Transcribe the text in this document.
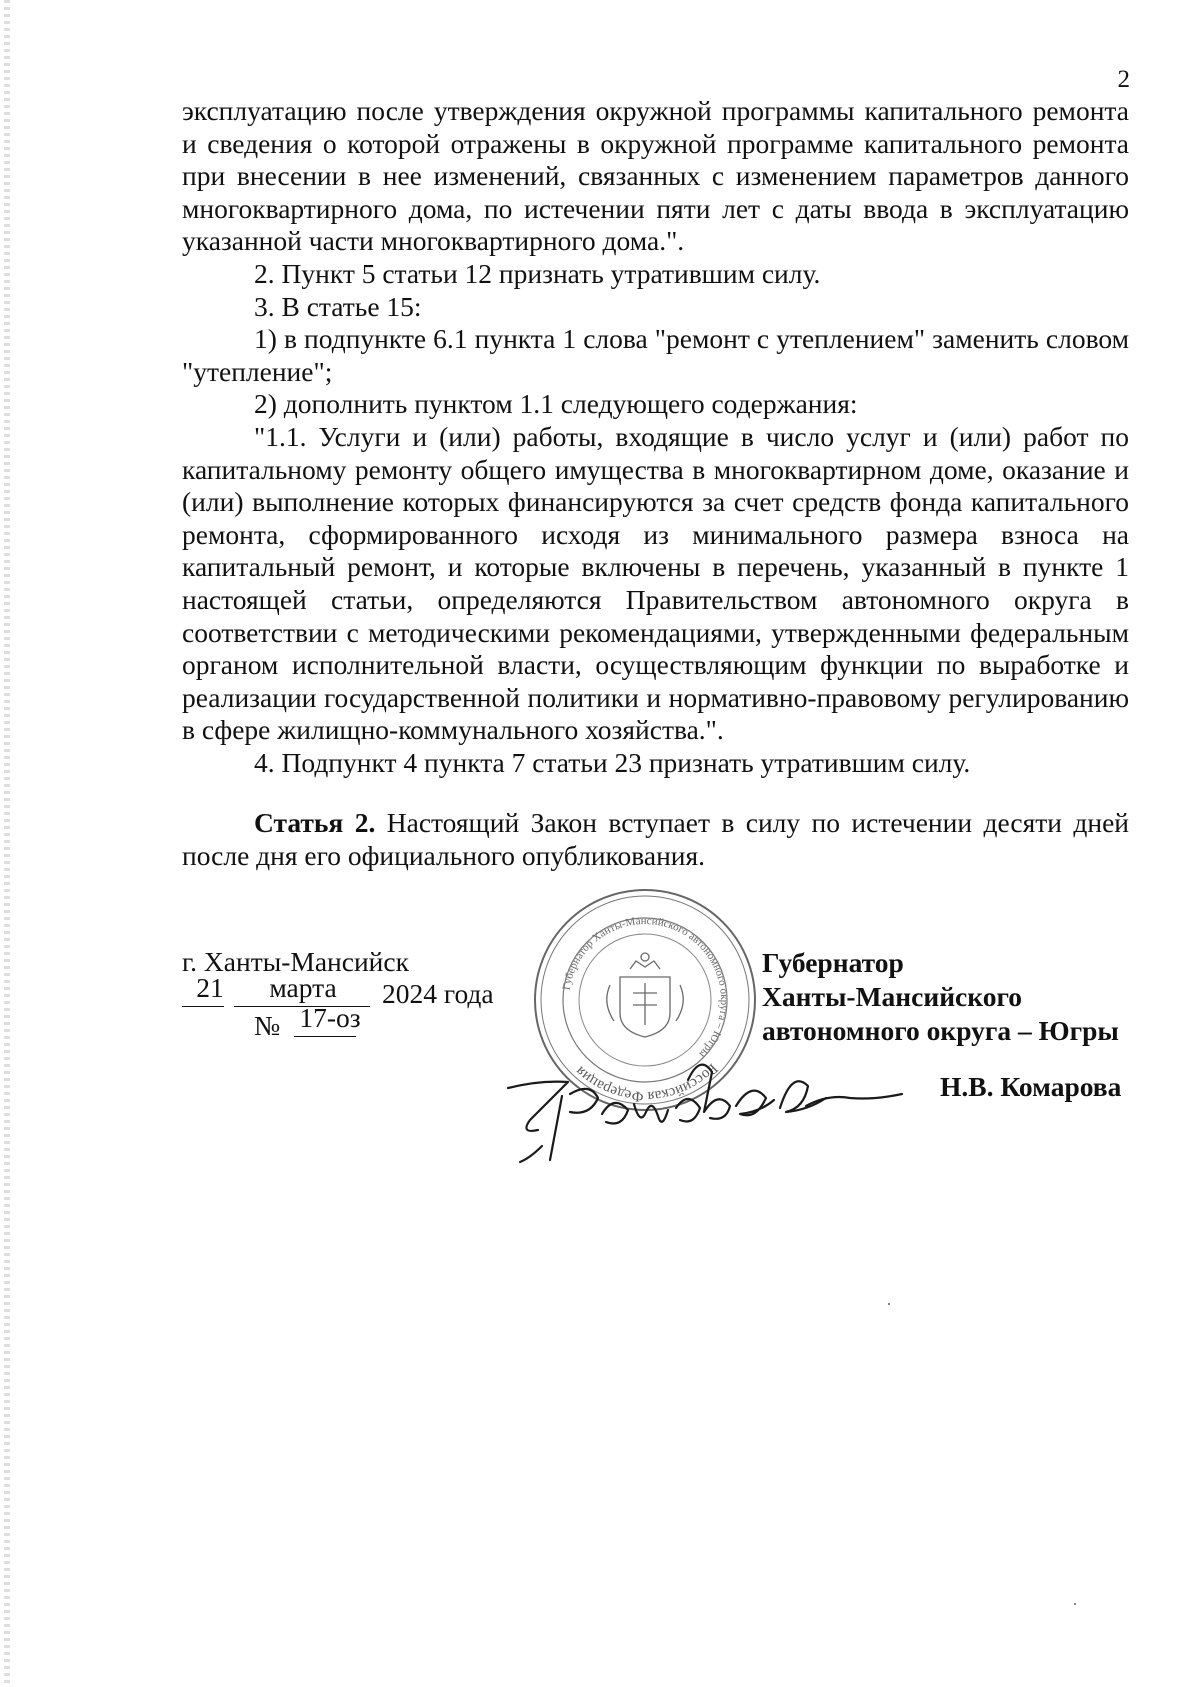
2

эксплуатацию после утверждения окружной программы капитального ремонта и сведения о которой отражены в окружной программе капитального ремонта при внесении в нее изменений, связанных с изменением параметров данного многоквартирного дома, по истечении пяти лет с даты ввода в эксплуатацию указанной части многоквартирного дома.".

2. Пункт 5 статьи 12 признать утратившим силу.

3. В статье 15:

1) в подпункте 6.1 пункта 1 слова "ремонт с утеплением" заменить словом "утепление";

2) дополнить пунктом 1.1 следующего содержания:

"1.1. Услуги и (или) работы, входящие в число услуг и (или) работ по капитальному ремонту общего имущества в многоквартирном доме, оказание и (или) выполнение которых финансируются за счет средств фонда капитального ремонта, сформированного исходя из минимального размера взноса на капитальный ремонт, и которые включены в перечень, указанный в пункте 1 настоящей статьи, определяются Правительством автономного округа в соответствии с методическими рекомендациями, утвержденными федеральным органом исполнительной власти, осуществляющим функции по выработке и реализации государственной политики и нормативно-правовому регулированию в сфере жилищно-коммунального хозяйства.".

4. Подпункт 4 пункта 7 статьи 23 признать утратившим силу.

Статья 2. Настоящий Закон вступает в силу по истечении десяти дней после дня его официального опубликования.

г. Ханты-Мансийск
21	марта	2024 года
№ 17-оз
Российская Федерация
Губернатор Ханты-Мансийского автономного округа – Югры
Губернатор
Ханты-Мансийского
автономного округа – Югры
Н.В. Комарова
